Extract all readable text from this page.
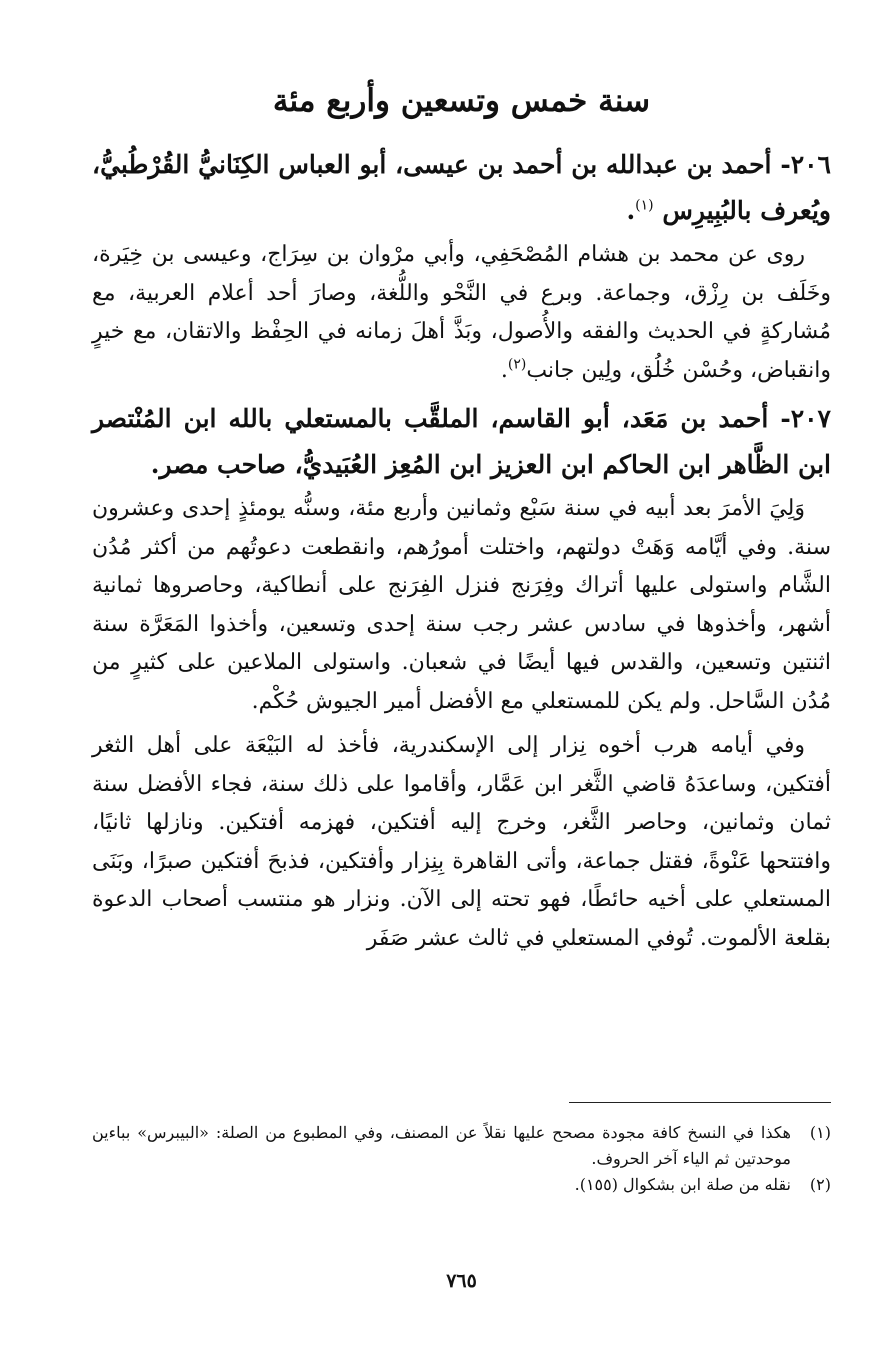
سنة خمس وتسعين وأربع مئة

٢٠٦- أحمد بن عبدالله بن أحمد بن عيسى، أبو العباس الكِنَانيُّ القُرْطُبيُّ، ويُعرف بالبُبِيرِس $^{(١)}$.

روى عن محمد بن هشام المُصْحَفِي، وأبي مرْوان بن سِرَاج، وعيسى بن خِيَرة، وخَلَف بن رِزْق، وجماعة. وبرع في النَّحْو واللُّغة، وصارَ أحد أعلام العربية، مع مُشاركةٍ في الحديث والفقه والأُصول، وبَذَّ أهلَ زمانه في الحِفْظ والاتقان، مع خيرٍ وانقباض، وحُسْن خُلُق، ولِين جانب$^{(٢)}$.

٢٠٧- أحمد بن مَعَد، أبو القاسم، الملقَّب بالمستعلي بالله ابن المُنْتصر ابن الظَّاهر ابن الحاكم ابن العزيز ابن المُعِز العُبَيديُّ، صاحب مصر.

وَلِيَ الأمرَ بعد أبيه في سنة سَبْع وثمانين وأربع مئة، وسنُّه يومئذٍ إحدى وعشرون سنة. وفي أيَّامه وَهَتْ دولتهم، واختلت أمورُهم، وانقطعت دعوتُهم من أكثر مُدُن الشَّام واستولى عليها أتراك وفِرَنج فنزل الفِرَنج على أنطاكية، وحاصروها ثمانية أشهر، وأخذوها في سادس عشر رجب سنة إحدى وتسعين، وأخذوا المَعَرَّة سنة اثنتين وتسعين، والقدس فيها أيضًا في شعبان. واستولى الملاعين على كثيرٍ من مُدُن السَّاحل. ولم يكن للمستعلي مع الأفضل أمير الجيوش حُكْم.

وفي أيامه هرب أخوه نِزار إلى الإسكندرية، فأخذ له البَيْعَة على أهل الثغر أفتكين، وساعدَهُ قاضي الثَّغر ابن عَمَّار، وأقاموا على ذلك سنة، فجاء الأفضل سنة ثمان وثمانين، وحاصر الثَّغر، وخرج إليه أفتكين، فهزمه أفتكين. ونازلها ثانيًا، وافتتحها عَنْوةً، فقتل جماعة، وأتى القاهرة بِنِزار وأفتكين، فذبحَ أفتكين صبرًا، وبَنَى المستعلي على أخيه حائطًا، فهو تحته إلى الآن. ونزار هو منتسب أصحاب الدعوة بقلعة الألموت. تُوفي المستعلي في ثالث عشر صَفَر

(١)
هكذا في النسخ كافة مجودة مصحح عليها نقلاً عن المصنف، وفي المطبوع من الصلة: «البيبرس» بباءين موحدتين ثم الياء آخر الحروف.
(٢)
نقله من صلة ابن بشكوال (١٥٥).
٧٦٥
